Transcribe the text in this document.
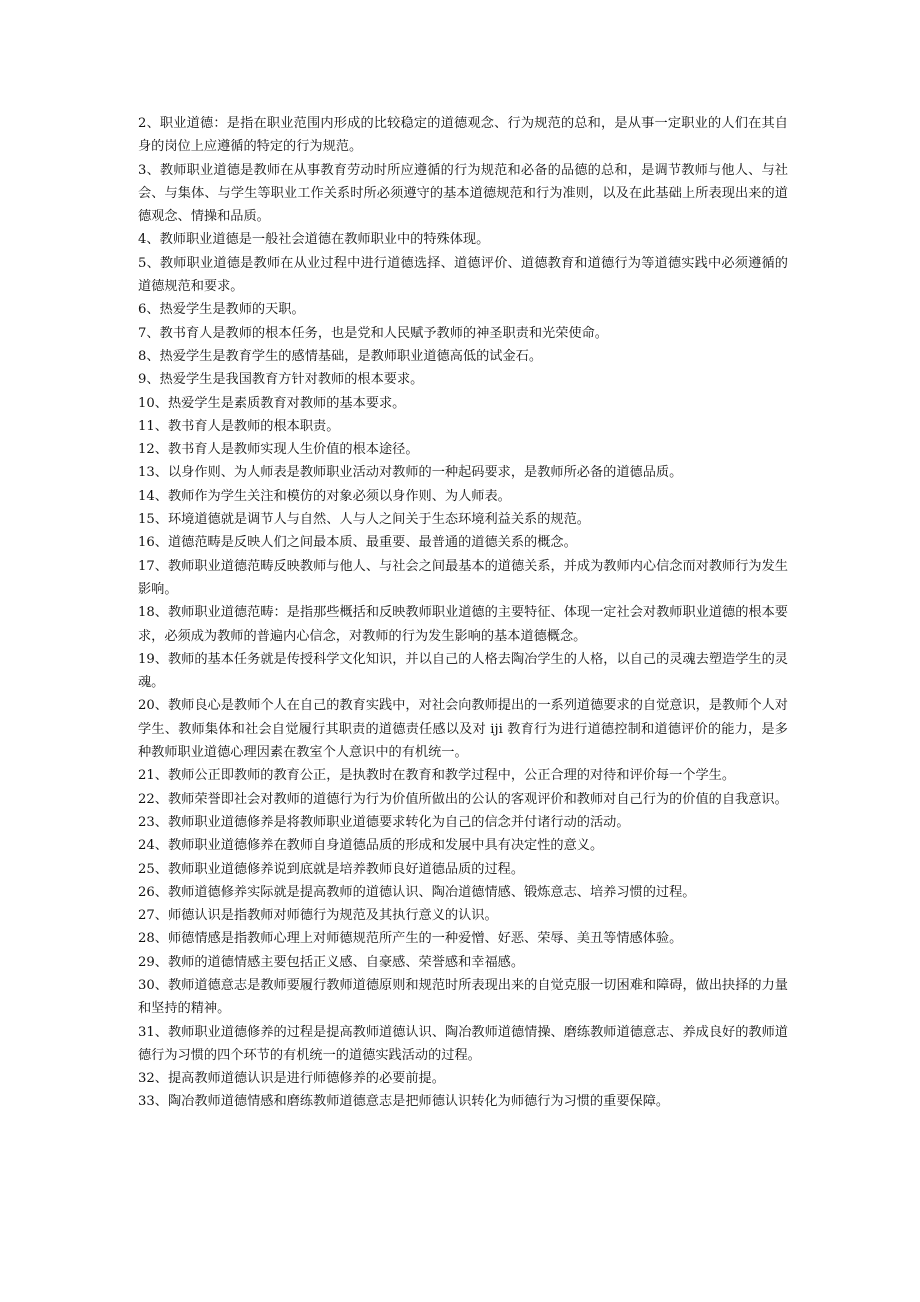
2、职业道德：是指在职业范围内形成的比较稳定的道德观念、行为规范的总和，是从事一定职业的人们在其自身的岗位上应遵循的特定的行为规范。

3、教师职业道德是教师在从事教育劳动时所应遵循的行为规范和必备的品德的总和，是调节教师与他人、与社会、与集体、与学生等职业工作关系时所必须遵守的基本道德规范和行为准则，以及在此基础上所表现出来的道德观念、情操和品质。

4、教师职业道德是一般社会道德在教师职业中的特殊体现。

5、教师职业道德是教师在从业过程中进行道德选择、道德评价、道德教育和道德行为等道德实践中必须遵循的道德规范和要求。

6、热爱学生是教师的天职。

7、教书育人是教师的根本任务，也是党和人民赋予教师的神圣职责和光荣使命。

8、热爱学生是教育学生的感情基础，是教师职业道德高低的试金石。

9、热爱学生是我国教育方针对教师的根本要求。

10、热爱学生是素质教育对教师的基本要求。

11、教书育人是教师的根本职责。

12、教书育人是教师实现人生价值的根本途径。

13、以身作则、为人师表是教师职业活动对教师的一种起码要求，是教师所必备的道德品质。

14、教师作为学生关注和模仿的对象必须以身作则、为人师表。

15、环境道德就是调节人与自然、人与人之间关于生态环境利益关系的规范。

16、道德范畴是反映人们之间最本质、最重要、最普通的道德关系的概念。

17、教师职业道德范畴反映教师与他人、与社会之间最基本的道德关系，并成为教师内心信念而对教师行为发生影响。

18、教师职业道德范畴：是指那些概括和反映教师职业道德的主要特征、体现一定社会对教师职业道德的根本要求，必须成为教师的普遍内心信念，对教师的行为发生影响的基本道德概念。

19、教师的基本任务就是传授科学文化知识，并以自己的人格去陶冶学生的人格，以自己的灵魂去塑造学生的灵魂。

20、教师良心是教师个人在自己的教育实践中，对社会向教师提出的一系列道德要求的自觉意识，是教师个人对学生、教师集体和社会自觉履行其职责的道德责任感以及对 iji 教育行为进行道德控制和道德评价的能力，是多种教师职业道德心理因素在教室个人意识中的有机统一。

21、教师公正即教师的教育公正，是执教时在教育和教学过程中，公正合理的对待和评价每一个学生。

22、教师荣誉即社会对教师的道德行为行为价值所做出的公认的客观评价和教师对自己行为的价值的自我意识。

23、教师职业道德修养是将教师职业道德要求转化为自己的信念并付诸行动的活动。

24、教师职业道德修养在教师自身道德品质的形成和发展中具有决定性的意义。

25、教师职业道德修养说到底就是培养教师良好道德品质的过程。

26、教师道德修养实际就是提高教师的道德认识、陶冶道德情感、锻炼意志、培养习惯的过程。

27、师德认识是指教师对师德行为规范及其执行意义的认识。

28、师德情感是指教师心理上对师德规范所产生的一种爱憎、好恶、荣辱、美丑等情感体验。

29、教师的道德情感主要包括正义感、自豪感、荣誉感和幸福感。

30、教师道德意志是教师要履行教师道德原则和规范时所表现出来的自觉克服一切困难和障碍，做出抉择的力量和坚持的精神。

31、教师职业道德修养的过程是提高教师道德认识、陶冶教师道德情操、磨练教师道德意志、养成良好的教师道德行为习惯的四个环节的有机统一的道德实践活动的过程。

32、提高教师道德认识是进行师德修养的必要前提。

33、陶冶教师道德情感和磨练教师道德意志是把师德认识转化为师德行为习惯的重要保障。
